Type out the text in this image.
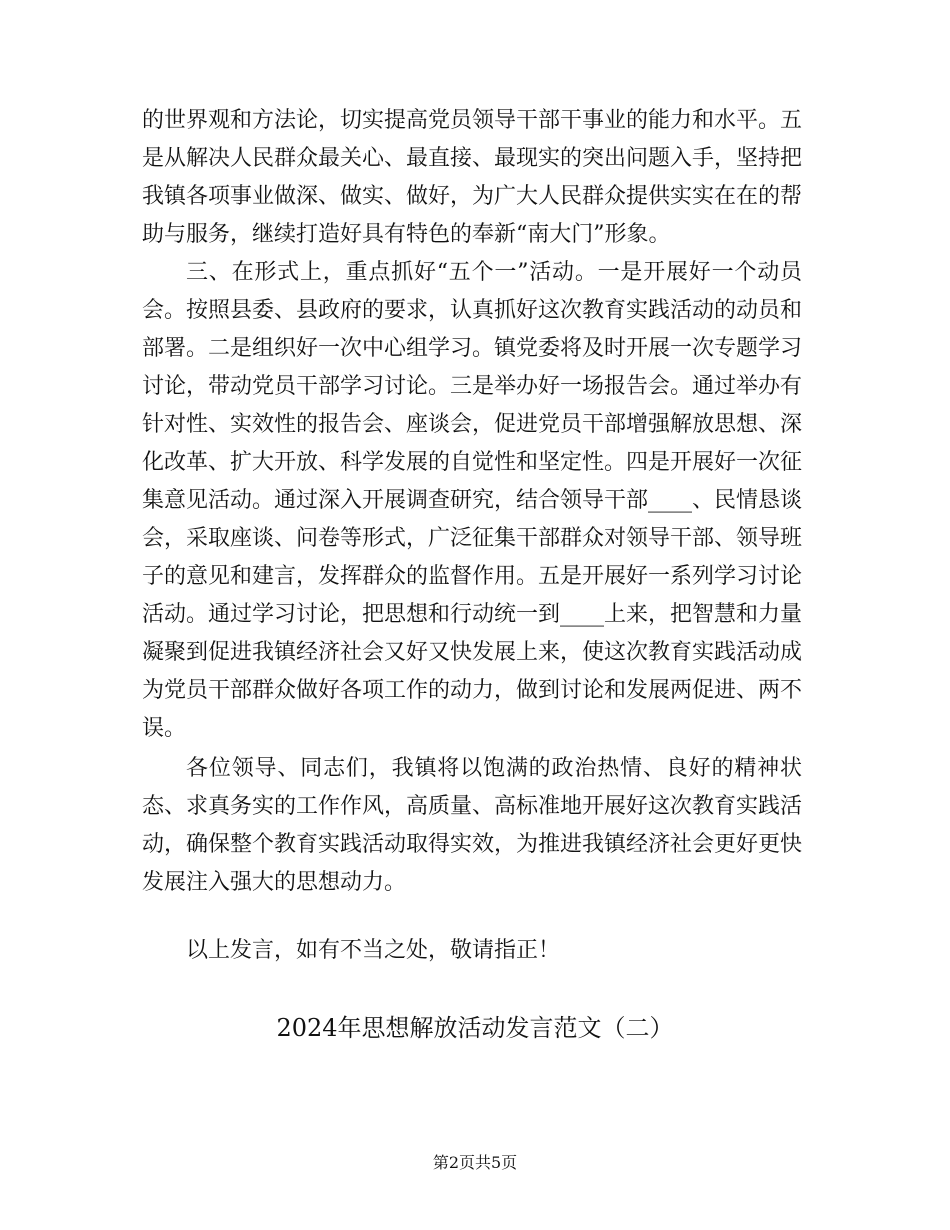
的世界观和方法论，切实提高党员领导干部干事业的能力和水平。五
是从解决人民群众最关心、最直接、最现实的突出问题入手，坚持把
我镇各项事业做深、做实、做好，为广大人民群众提供实实在在的帮
助与服务，继续打造好具有特色的奉新“南大门”形象。
三、在形式上，重点抓好“五个一”活动。一是开展好一个动员
会。按照县委、县政府的要求，认真抓好这次教育实践活动的动员和
部署。二是组织好一次中心组学习。镇党委将及时开展一次专题学习
讨论，带动党员干部学习讨论。三是举办好一场报告会。通过举办有
针对性、实效性的报告会、座谈会，促进党员干部增强解放思想、深
化改革、扩大开放、科学发展的自觉性和坚定性。四是开展好一次征
集意见活动。通过深入开展调查研究，结合领导干部____、民情恳谈
会，采取座谈、问卷等形式，广泛征集干部群众对领导干部、领导班
子的意见和建言，发挥群众的监督作用。五是开展好一系列学习讨论
活动。通过学习讨论，把思想和行动统一到____上来，把智慧和力量
凝聚到促进我镇经济社会又好又快发展上来，使这次教育实践活动成
为党员干部群众做好各项工作的动力，做到讨论和发展两促进、两不
误。
各位领导、同志们，我镇将以饱满的政治热情、良好的精神状
态、求真务实的工作作风，高质量、高标准地开展好这次教育实践活
动，确保整个教育实践活动取得实效，为推进我镇经济社会更好更快
发展注入强大的思想动力。
以上发言，如有不当之处，敬请指正！
2024年思想解放活动发言范文（二）
第2页共5页
